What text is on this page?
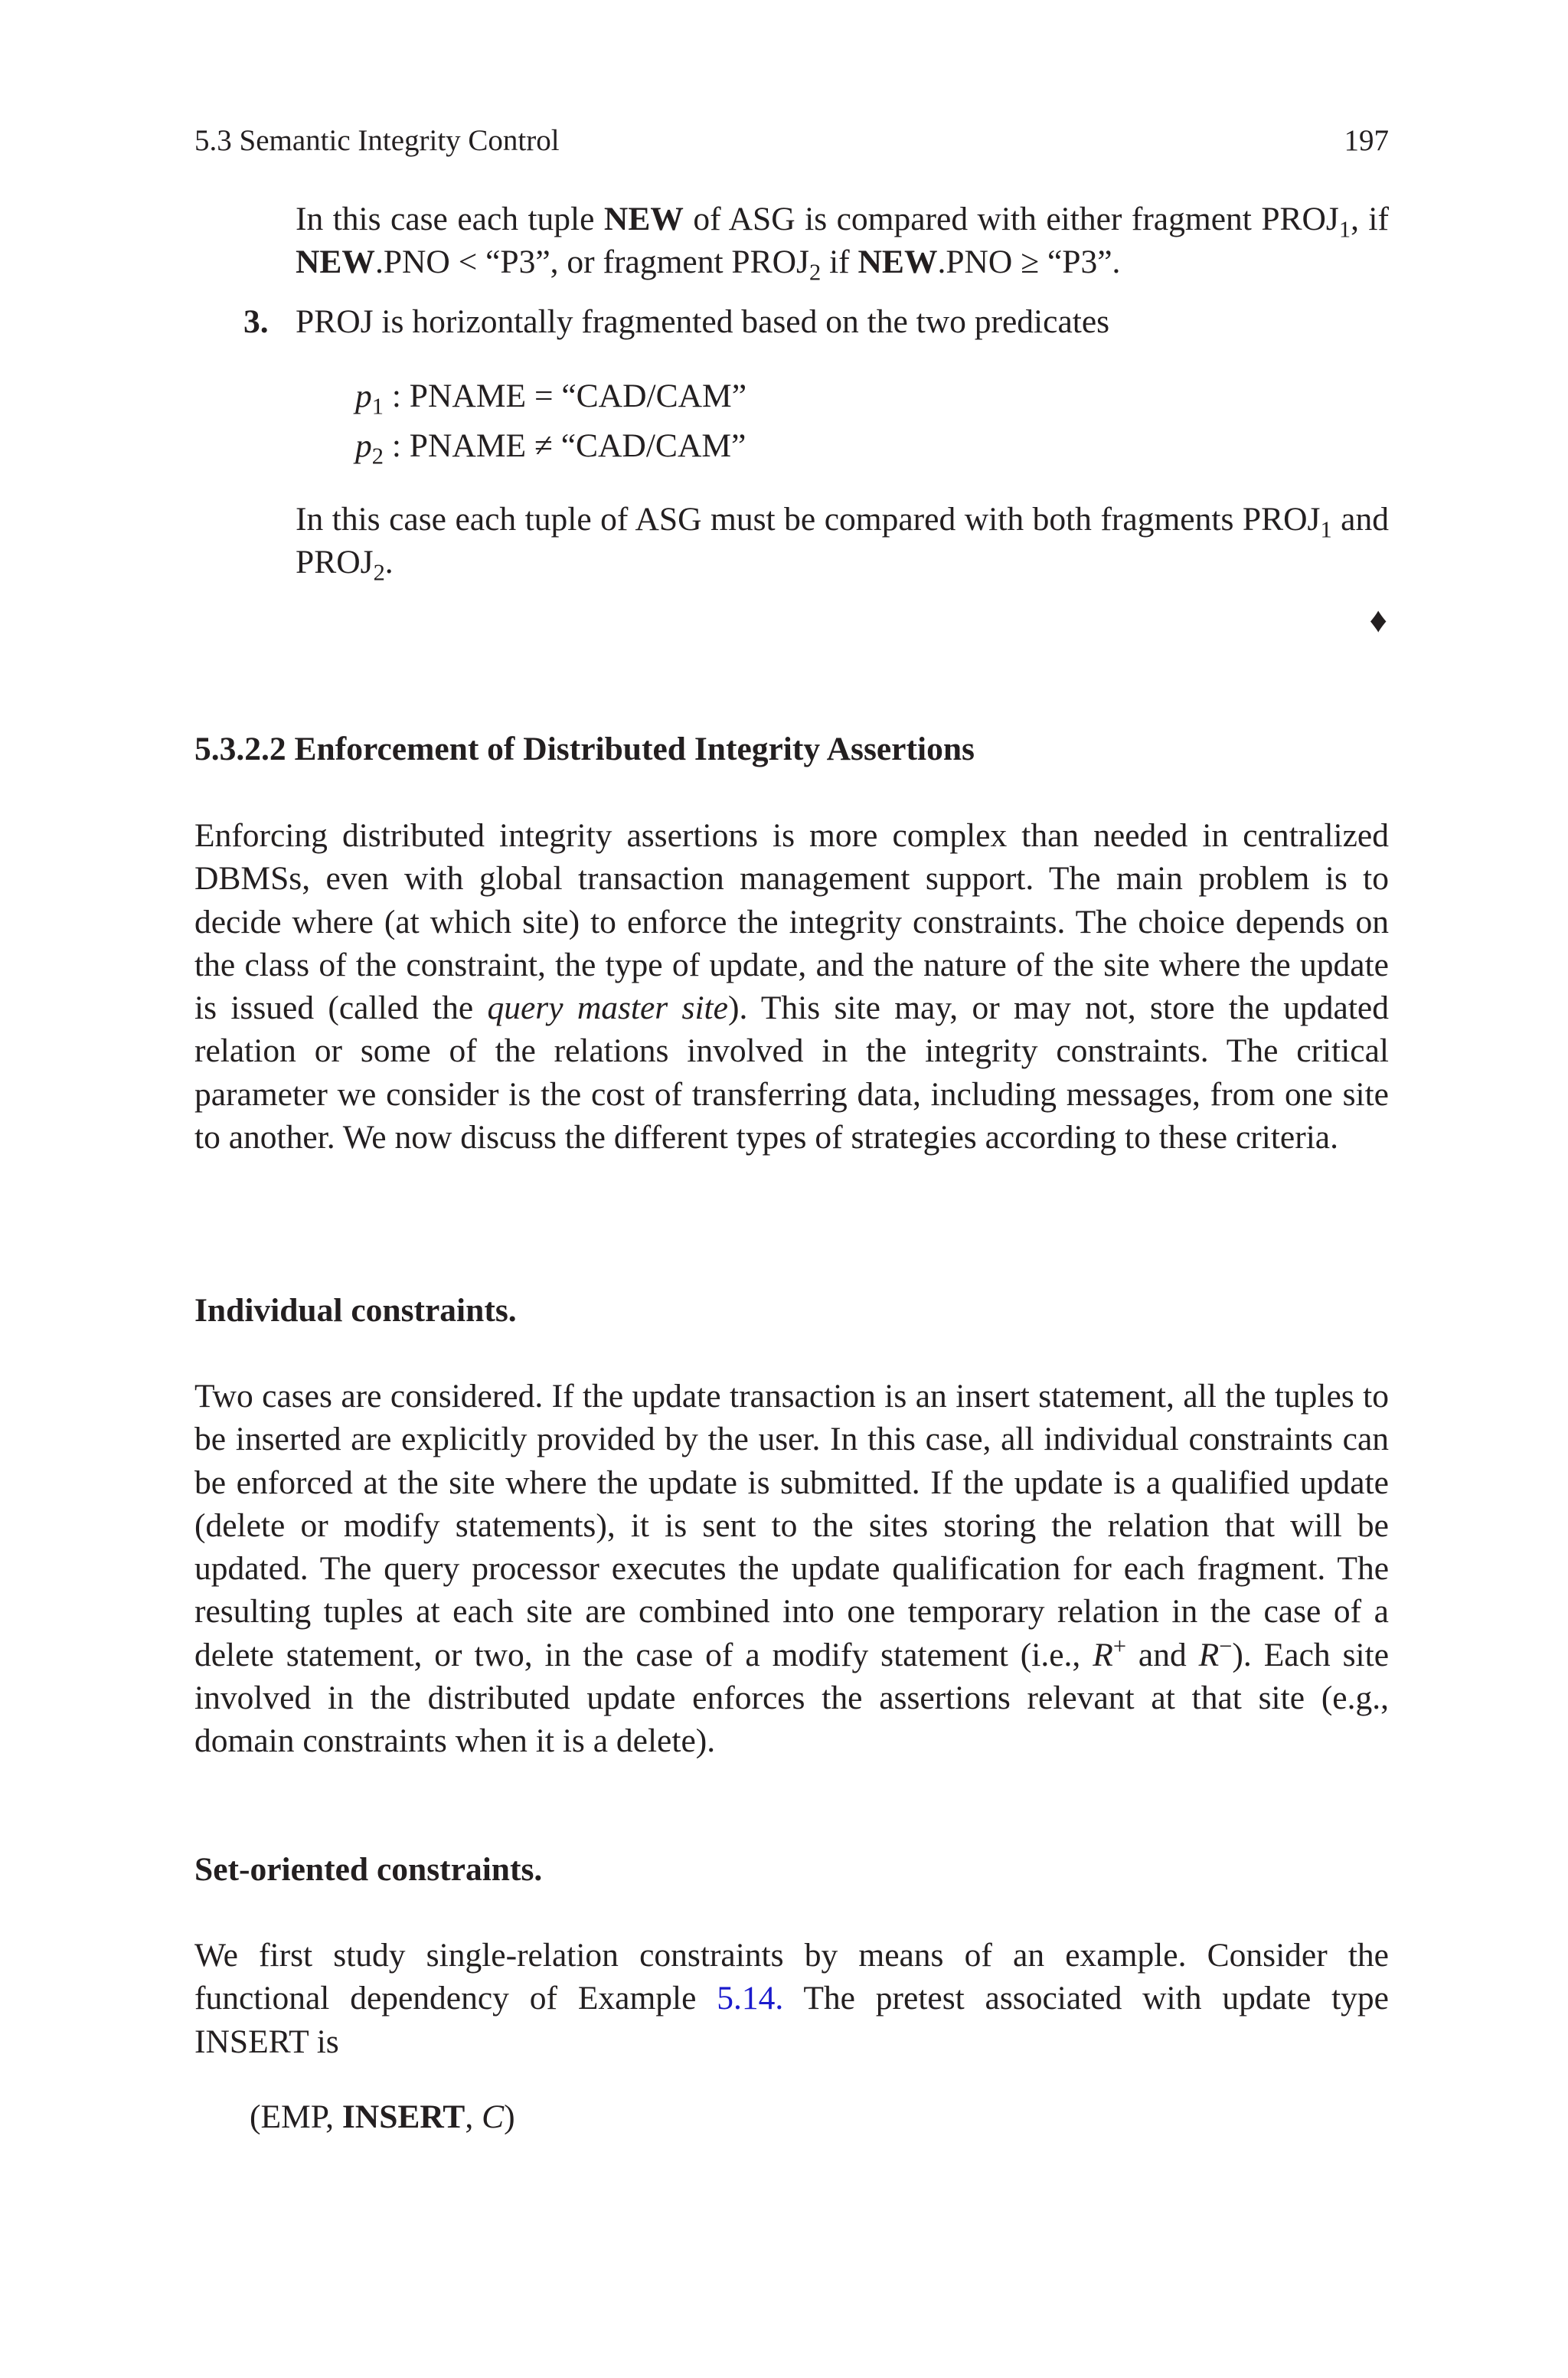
5.3 Semantic Integrity Control	197

In this case each tuple NEW of ASG is compared with either fragment $PROJ_1$, if NEW.PNO < “P3”, or fragment $PROJ_2$ if NEW.PNO ≥ “P3”.

3. PROJ is horizontally fragmented based on the two predicates
$p_1$ : PNAME = “CAD/CAM”
$p_2$ : PNAME ≠ “CAD/CAM”

In this case each tuple of ASG must be compared with both fragments $PROJ_1$ and $PROJ_2$.

♦
5.3.2.2 Enforcement of Distributed Integrity Assertions

Enforcing distributed integrity assertions is more complex than needed in centralized DBMSs, even with global transaction management support. The main problem is to decide where (at which site) to enforce the integrity constraints. The choice depends on the class of the constraint, the type of update, and the nature of the site where the update is issued (called the query master site). This site may, or may not, store the updated relation or some of the relations involved in the integrity constraints. The critical parameter we consider is the cost of transferring data, including messages, from one site to another. We now discuss the different types of strategies according to these criteria.

Individual constraints.

Two cases are considered. If the update transaction is an insert statement, all the tuples to be inserted are explicitly provided by the user. In this case, all individual constraints can be enforced at the site where the update is submitted. If the update is a qualified update (delete or modify statements), it is sent to the sites storing the relation that will be updated. The query processor executes the update qualification for each fragment. The resulting tuples at each site are combined into one temporary relation in the case of a delete statement, or two, in the case of a modify statement (i.e., R+ and R−). Each site involved in the distributed update enforces the assertions relevant at that site (e.g., domain constraints when it is a delete).

Set-oriented constraints.

We first study single-relation constraints by means of an example. Consider the functional dependency of Example 5.14. The pretest associated with update type INSERT is

(EMP, INSERT, C)
